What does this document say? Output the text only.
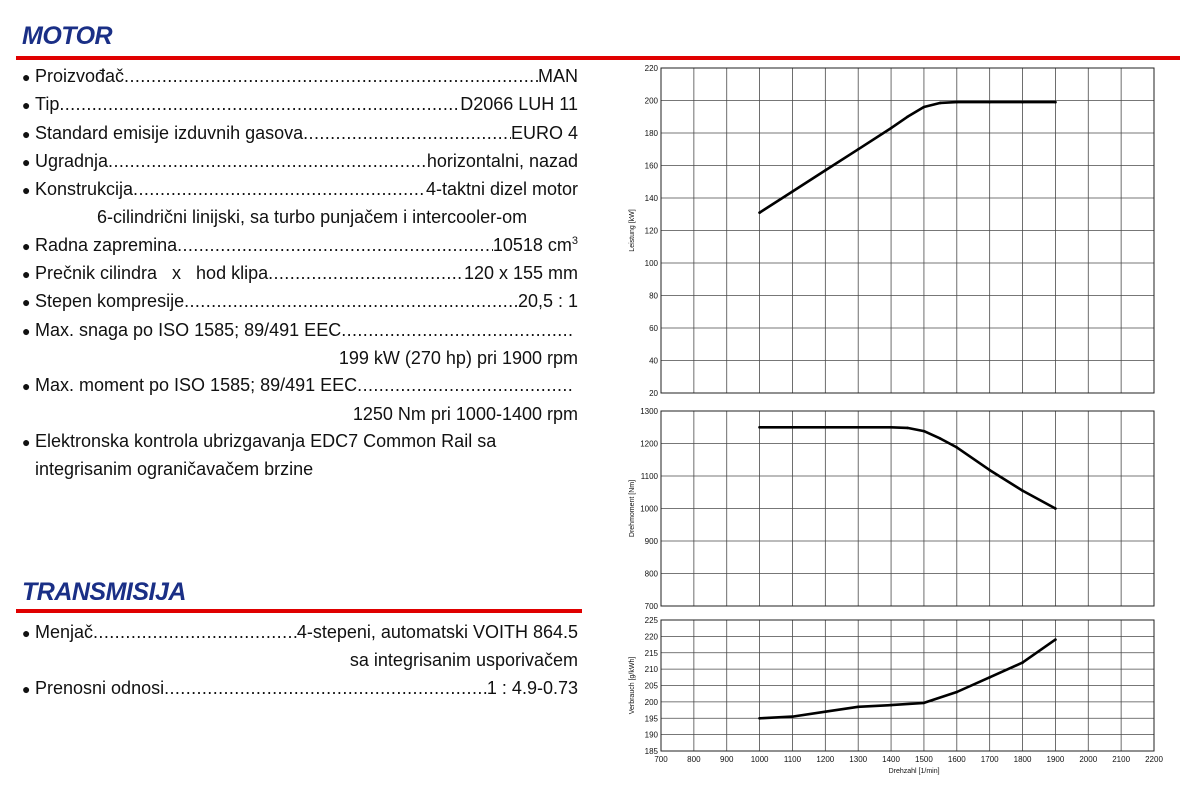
MOTOR
● Proizvođač .....	MAN
● Tip .....	D2066 LUH 11
● Standard emisije izduvnih gasova .....	EURO 4
● Ugradnja .....	horizontalni, nazad
● Konstrukcija .....	4-taktni dizel motor
6-cilindrični linijski, sa turbo punjačem i intercooler-om
● Radna zapremina .....	10518 $cm^3$
● Prečnik cilindra   x   hod klipa .....	120 x 155 mm
● Stepen kompresije .....	20,5 : 1
● Max. snaga po ISO 1585; 89/491 EEC
.....
199 kW (270 hp) pri 1900 rpm
● Max. moment po ISO 1585; 89/491 EEC
.....
1250 Nm pri 1000-1400 rpm
● Elektronska kontrola ubrizgavanja EDC7 Common Rail sa
integrisanim ograničavačem brzine
TRANSMISIJA
● Menjač .....	4-stepeni, automatski VOITH 864.5
sa integrisanim usporivačem
● Prenosni odnosi .....	1 : 4.9-0.73
20
40
60
80
100
120
140
160
180
200
220
Leistung [kW]
700
800
900
1000
1100
1200
1300
Drehmoment [Nm]
185
190
195
200
205
210
215
220
225
Verbrauch [g/kWh]
700 800 900 1000 1100 1200 1300 1400 1500 1600 1700 1800 1900 2000 2100 2200
Drehzahl [1/min]
